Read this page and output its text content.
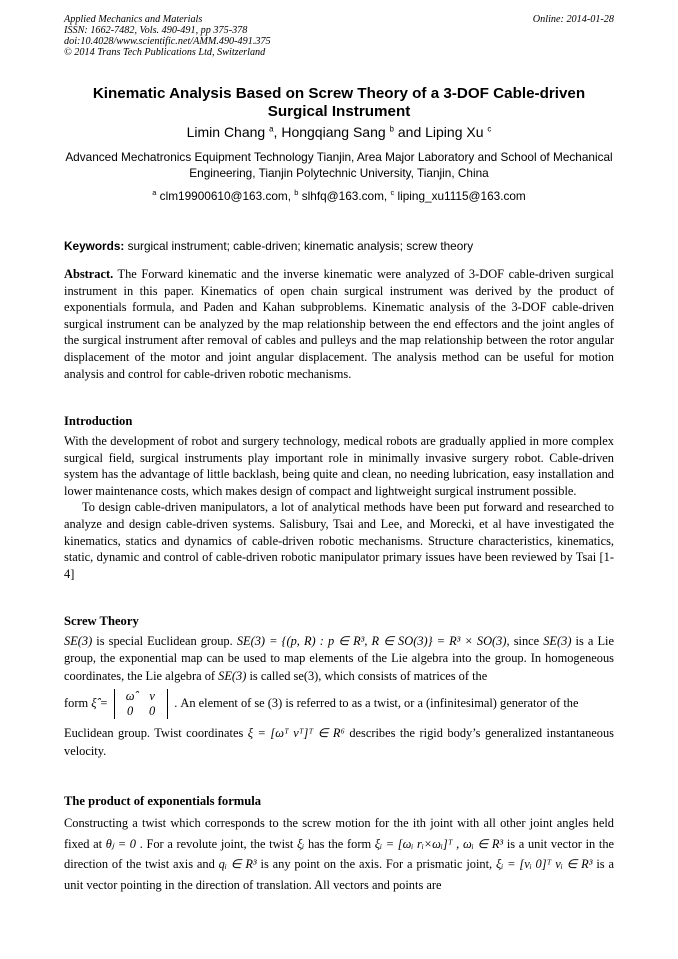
Applied Mechanics and Materials
ISSN: 1662-7482, Vols. 490-491, pp 375-378
doi:10.4028/www.scientific.net/AMM.490-491.375
© 2014 Trans Tech Publications Ltd, Switzerland
Online: 2014-01-28
Kinematic Analysis Based on Screw Theory of a 3-DOF Cable-driven Surgical Instrument
Limin Chang $^a$, Hongqiang Sang $^b$ and Liping Xu $^c$
Advanced Mechatronics Equipment Technology Tianjin, Area Major Laboratory and School of Mechanical Engineering, Tianjin Polytechnic University, Tianjin, China
$^a$ clm19900610@163.com, $^b$ slhfq@163.com, $^c$ liping_xu1115@163.com
Keywords: surgical instrument; cable-driven; kinematic analysis; screw theory

Abstract. The Forward kinematic and the inverse kinematic were analyzed of 3-DOF cable-driven surgical instrument in this paper. Kinematics of open chain surgical instrument was derived by the product of exponentials formula, and Paden and Kahan subproblems. Kinematic analysis of the 3-DOF cable-driven surgical instrument can be analyzed by the map relationship between the end effectors and the joint angles of the surgical instrument after removal of cables and pulleys and the map relationship between the rotor angular displacement of the motor and joint angular displacement. The analysis method can be useful for motion analysis and control for cable-driven robotic mechanisms.

Introduction

With the development of robot and surgery technology, medical robots are gradually applied in more complex surgical field, surgical instruments play important role in minimally invasive surgery robot. Cable-driven system has the advantage of little backlash, being quite and clean, no needing lubrication, easy installation and lower maintenance costs, which makes design of compact and lightweight surgical instrument possible.

To design cable-driven manipulators, a lot of analytical methods have been put forward and researched to analyze and design cable-driven systems. Salisbury, Tsai and Lee, and Morecki, et al have investigated the kinematics, statics and dynamics of cable-driven robotic mechanisms. Structure characteristics, kinematics, static, dynamic and control of cable-driven robotic manipulator primary issues have been reviewed by Tsai [1-4]

Screw Theory

SE(3) is special Euclidean group. SE(3) = {(p, R) : p ∈ R³, R ∈ SO(3)} = R³ × SO(3), since SE(3) is a Lie group, the exponential map can be used to map elements of the Lie algebra into the group. In homogeneous coordinates, the Lie algebra of SE(3) is called se(3), which consists of matrices of the

form ξ̂ = ω̂ v
0 0 . An element of se (3) is referred to as a twist, or a (infinitesimal) generator of the

Euclidean group. Twist coordinates ξ = [ωᵀ vᵀ]ᵀ ∈ R⁶ describes the rigid body’s generalized instantaneous velocity.

The product of exponentials formula

Constructing a twist which corresponds to the screw motion for the ith joint with all other joint angles held fixed at θⱼ = 0 . For a revolute joint, the twist ξᵢ has the form ξᵢ = [ωᵢ rᵢ×ωᵢ]ᵀ , ωᵢ ∈ R³ is a unit vector in the direction of the twist axis and qᵢ ∈ R³ is any point on the axis. For a prismatic joint, ξᵢ = [vᵢ 0]ᵀ vᵢ ∈ R³ is a unit vector pointing in the direction of translation. All vectors and points are
